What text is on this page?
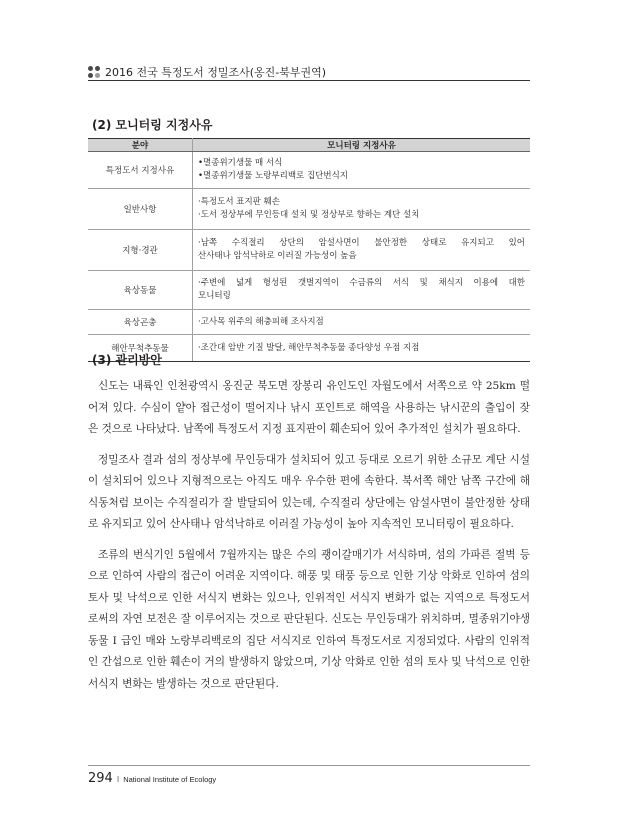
2016 전국 특정도서 정밀조사(옹진-북부권역)
(2) 모니터링 지정사유
분야	모니터링 지정사유
특정도서 지정사유	• 멸종위기생물 매 서식
• 멸종위기생물 노랑부리백로 집단번식지

일반사항	·특정도서 표지판 훼손
·도서 정상부에 무인등대 설치 및 정상부로 향하는 계단 설치

지형·경관	·남쪽 수직절리 상단의 암설사면이 불안정한 상태로 유지되고 있어
산사태나 암석낙하로 이러질 가능성이 높음

육상동물	·주변에 넓게 형성된 갯벌지역이 수금류의 서식 및 채식지 이용에 대한
모니터링

육상곤충	·고사목 위주의 해충피해 조사지점

해안무척추동물	·조간대 암반 기질 발달, 해안무척추동물 종다양성 우점 지점
(3) 관리방안

신도는 내륙인 인천광역시 옹진군 북도면 장봉리 유인도인 자월도에서 서쪽으로 약 25km 떨어져 있다. 수심이 얕아 접근성이 떨어지나 낚시 포인트로 해역을 사용하는 낚시꾼의 출입이 잦은 것으로 나타났다. 남쪽에 특정도서 지정 표지판이 훼손되어 있어 추가적인 설치가 필요하다.

정밀조사 결과 섬의 정상부에 무인등대가 설치되어 있고 등대로 오르기 위한 소규모 계단 시설이 설치되어 있으나 지형적으로는 아직도 매우 우수한 편에 속한다. 북서쪽 해안 남쪽 구간에 해식동처럼 보이는 수직절리가 잘 발달되어 있는데, 수직절리 상단에는 암설사면이 불안정한 상태로 유지되고 있어 산사태나 암석낙하로 이러질 가능성이 높아 지속적인 모니터링이 필요하다.

조류의 번식기인 5월에서 7월까지는 많은 수의 괭이갈매기가 서식하며, 섬의 가파른 절벽 등으로 인하여 사람의 접근이 어려운 지역이다. 해풍 및 태풍 등으로 인한 기상 악화로 인하여 섬의 토사 및 낙석으로 인한 서식지 변화는 있으나, 인위적인 서식지 변화가 없는 지역으로 특정도서로써의 자연 보전은 잘 이루어지는 것으로 판단된다. 신도는 무인등대가 위치하며, 멸종위기야생동물 I 급인 매와 노랑부리백로의 집단 서식지로 인하여 특정도서로 지정되었다. 사람의 인위적인 간섭으로 인한 훼손이 거의 발생하지 않았으며, 기상 악화로 인한 섬의 토사 및 낙석으로 인한 서식지 변화는 발생하는 것으로 판단된다.

294 I National Institute of Ecology
